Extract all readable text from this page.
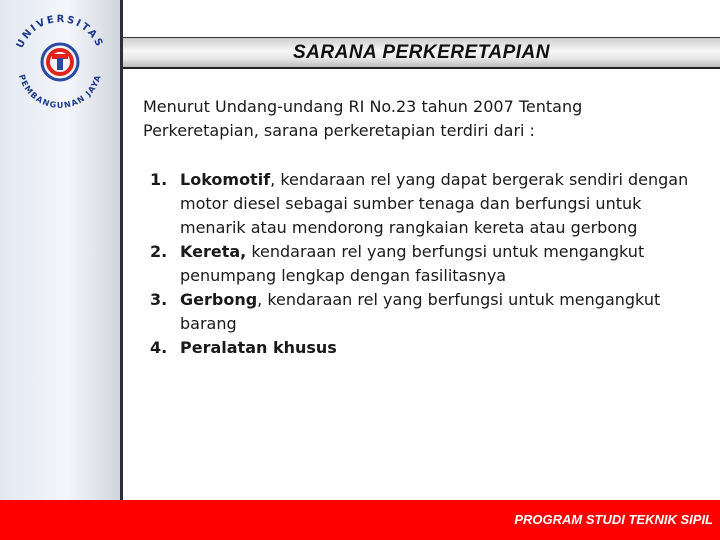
UNIVERSITAS
PEMBANGUNAN JAYA
SARANA PERKERETAPIAN
Menurut Undang-undang RI No.23 tahun 2007 Tentang Perkeretapian, sarana perkeretapian terdiri dari :
1. Lokomotif, kendaraan rel yang dapat bergerak sendiri dengan motor diesel sebagai sumber tenaga dan berfungsi untuk menarik atau mendorong rangkaian kereta atau gerbong
2. Kereta, kendaraan rel yang berfungsi untuk mengangkut penumpang lengkap dengan fasilitasnya
3. Gerbong, kendaraan rel yang berfungsi untuk mengangkut barang
4. Peralatan khusus
PROGRAM STUDI TEKNIK SIPIL
